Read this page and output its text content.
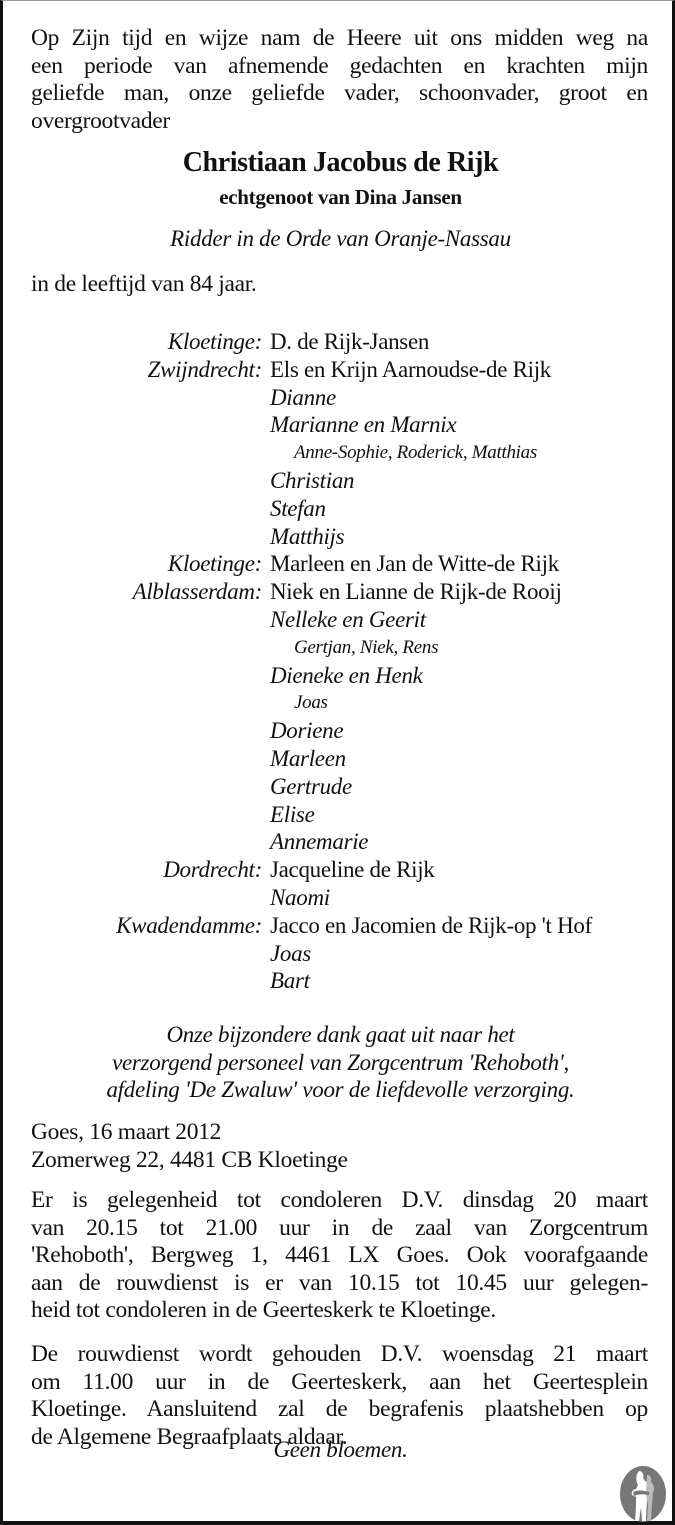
Op Zijn tijd en wijze nam de Heere uit ons midden weg na
een periode van afnemende gedachten en krachten mijn
geliefde man, onze geliefde vader, schoonvader, groot en
overgrootvader
Christiaan Jacobus de Rijk
echtgenoot van Dina Jansen
Ridder in de Orde van Oranje-Nassau
in de leeftijd van 84 jaar.
Kloetinge: D. de Rijk-Jansen
Zwijndrecht: Els en Krijn Aarnoudse-de Rijk
Dianne
Marianne en Marnix
Anne-Sophie, Roderick, Matthias
Christian
Stefan
Matthijs
Kloetinge: Marleen en Jan de Witte-de Rijk
Alblasserdam: Niek en Lianne de Rijk-de Rooij
Nelleke en Geerit
Gertjan, Niek, Rens
Dieneke en Henk
Joas
Doriene
Marleen
Gertrude
Elise
Annemarie
Dordrecht: Jacqueline de Rijk
Naomi
Kwadendamme: Jacco en Jacomien de Rijk-op 't Hof
Joas
Bart
Onze bijzondere dank gaat uit naar het
verzorgend personeel van Zorgcentrum 'Rehoboth',
afdeling 'De Zwaluw' voor de liefdevolle verzorging.
Goes, 16 maart 2012
Zomerweg 22, 4481 CB Kloetinge
Er is gelegenheid tot condoleren D.V. dinsdag 20 maart
van 20.15 tot 21.00 uur in de zaal van Zorgcentrum
'Rehoboth', Bergweg 1, 4461 LX Goes. Ook voorafgaande
aan de rouwdienst is er van 10.15 tot 10.45 uur gelegen-
heid tot condoleren in de Geerteskerk te Kloetinge.
De rouwdienst wordt gehouden D.V. woensdag 21 maart
om 11.00 uur in de Geerteskerk, aan het Geertesplein
Kloetinge. Aansluitend zal de begrafenis plaatshebben op
de Algemene Begraafplaats aldaar.
Geen bloemen.
